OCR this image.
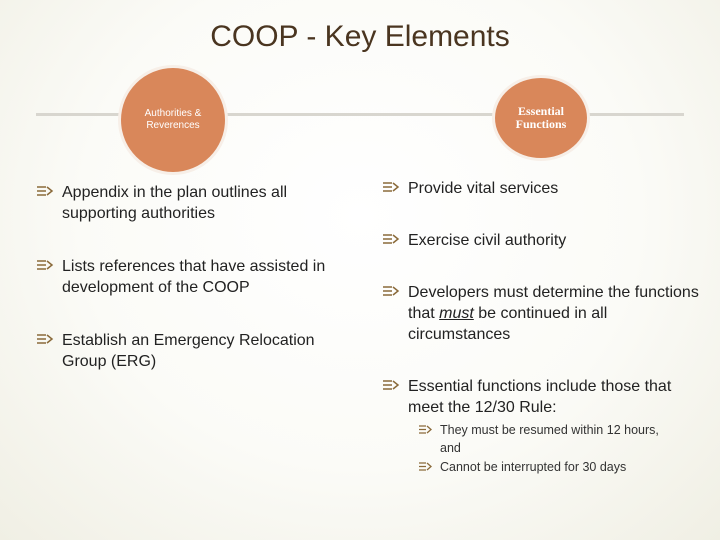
COOP - Key Elements
Authorities & Reverences
Essential
Functions
Appendix in the plan outlines all supporting authorities
Lists references that have assisted in development of the COOP
Establish an Emergency Relocation Group (ERG)
Provide vital services
Exercise civil authority
Developers must determine the functions that must be continued in all circumstances
Essential functions include those that meet the 12/30 Rule:
They must be resumed within 12 hours, and
Cannot be interrupted for 30 days
